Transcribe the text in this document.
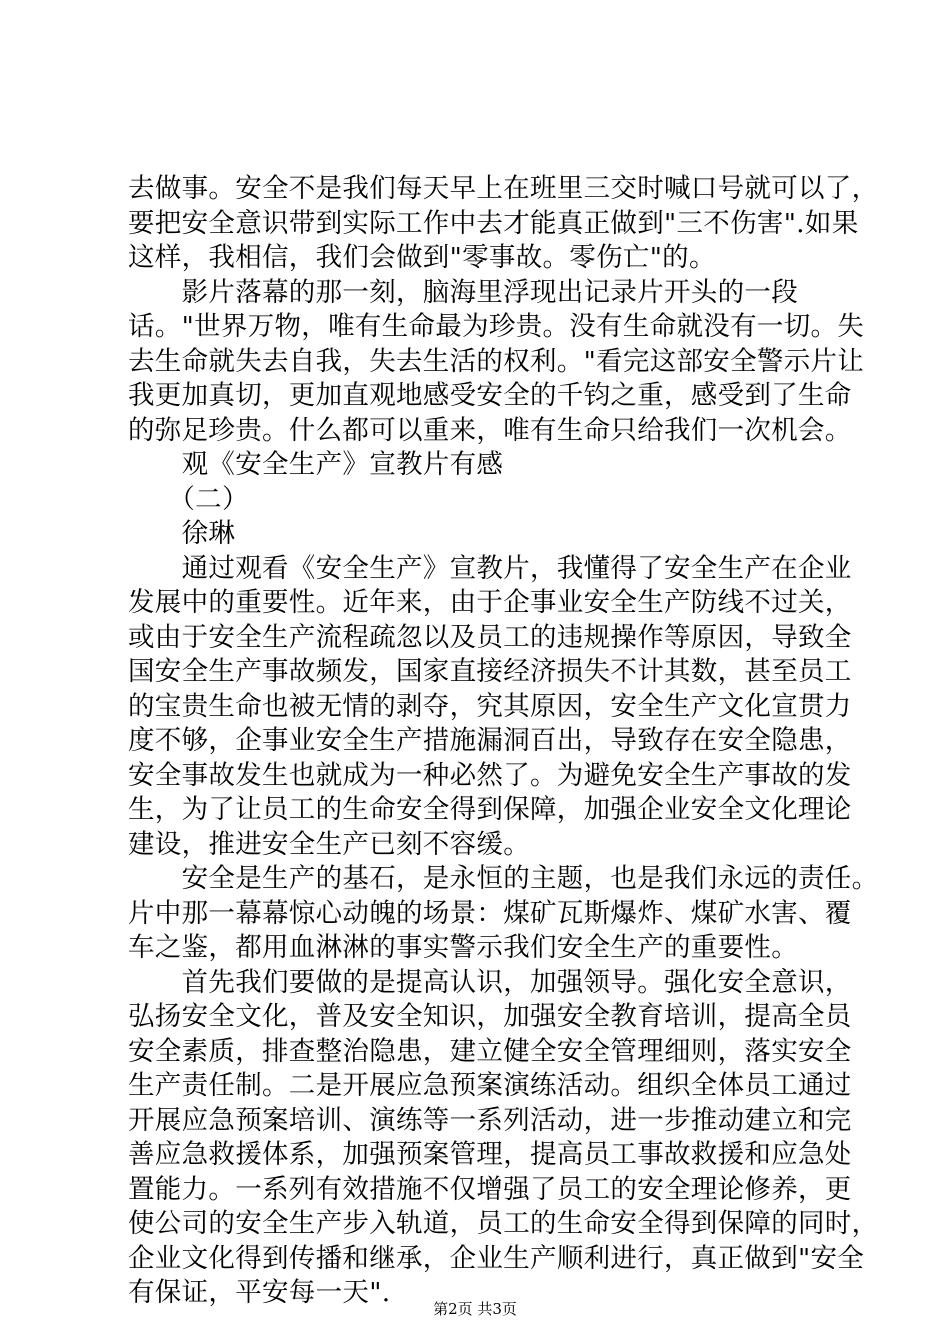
去做事。安全不是我们每天早上在班里三交时喊口号就可以了，
要把安全意识带到实际工作中去才能真正做到"三不伤害".如果
这样，我相信，我们会做到"零事故。零伤亡"的。
　　影片落幕的那一刻，脑海里浮现出记录片开头的一段
话。"世界万物，唯有生命最为珍贵。没有生命就没有一切。失
去生命就失去自我，失去生活的权利。"看完这部安全警示片让
我更加真切，更加直观地感受安全的千钧之重，感受到了生命
的弥足珍贵。什么都可以重来，唯有生命只给我们一次机会。
　　观《安全生产》宣教片有感
　　（二）
　　徐琳
　　通过观看《安全生产》宣教片，我懂得了安全生产在企业
发展中的重要性。近年来，由于企事业安全生产防线不过关，
或由于安全生产流程疏忽以及员工的违规操作等原因，导致全
国安全生产事故频发，国家直接经济损失不计其数，甚至员工
的宝贵生命也被无情的剥夺，究其原因，安全生产文化宣贯力
度不够，企事业安全生产措施漏洞百出，导致存在安全隐患，
安全事故发生也就成为一种必然了。为避免安全生产事故的发
生，为了让员工的生命安全得到保障，加强企业安全文化理论
建设，推进安全生产已刻不容缓。
　　安全是生产的基石，是永恒的主题，也是我们永远的责任。
片中那一幕幕惊心动魄的场景：煤矿瓦斯爆炸、煤矿水害、覆
车之鉴，都用血淋淋的事实警示我们安全生产的重要性。
　　首先我们要做的是提高认识，加强领导。强化安全意识，
弘扬安全文化，普及安全知识，加强安全教育培训，提高全员
安全素质，排查整治隐患，建立健全安全管理细则，落实安全
生产责任制。二是开展应急预案演练活动。组织全体员工通过
开展应急预案培训、演练等一系列活动，进一步推动建立和完
善应急救援体系，加强预案管理，提高员工事故救援和应急处
置能力。一系列有效措施不仅增强了员工的安全理论修养，更
使公司的安全生产步入轨道，员工的生命安全得到保障的同时，
企业文化得到传播和继承，企业生产顺利进行，真正做到"安全
有保证，平安每一天".
第2页 共3页
